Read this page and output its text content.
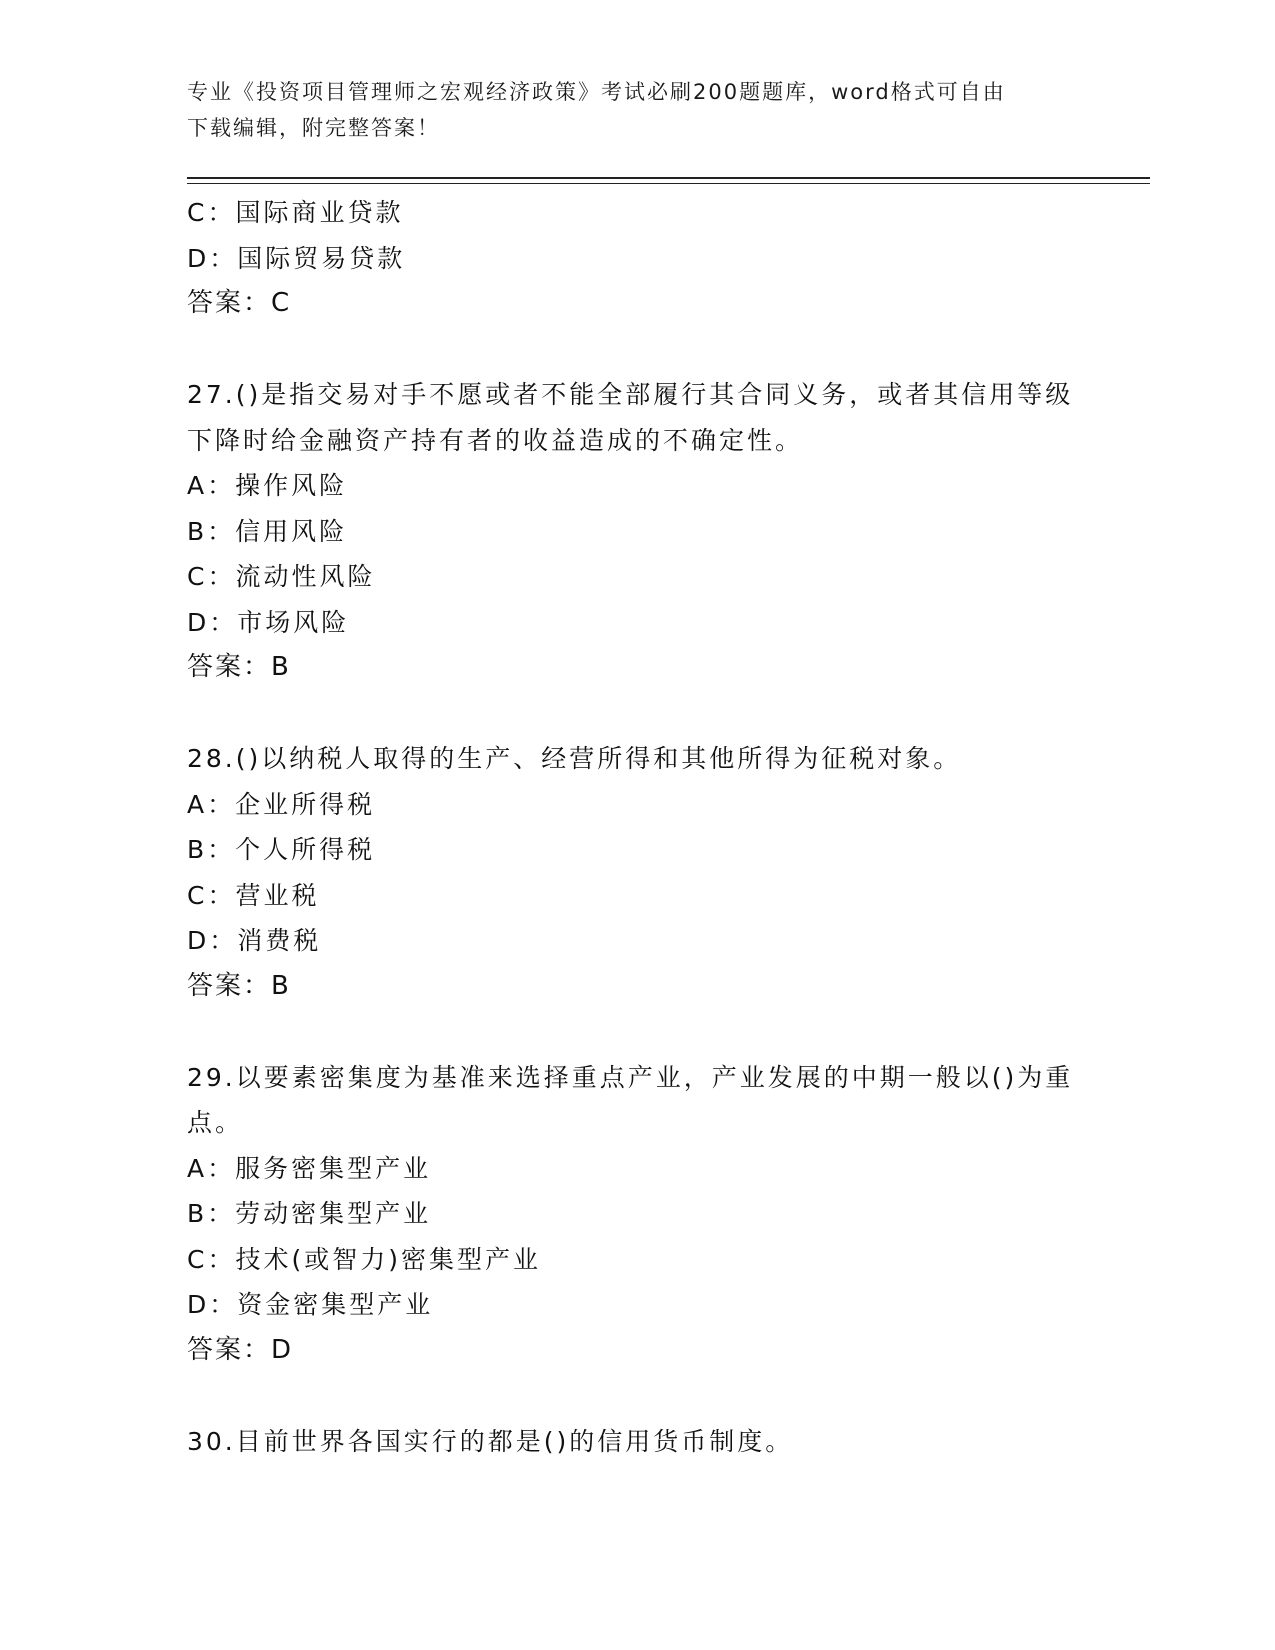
专业《投资项目管理师之宏观经济政策》考试必刷200题题库，word格式可自由
下载编辑，附完整答案！
C：国际商业贷款
D：国际贸易贷款
答案：C
27.()是指交易对手不愿或者不能全部履行其合同义务，或者其信用等级下降时给金融资产持有者的收益造成的不确定性。
A：操作风险
B：信用风险
C：流动性风险
D：市场风险
答案：B
28.()以纳税人取得的生产、经营所得和其他所得为征税对象。
A：企业所得税
B：个人所得税
C：营业税
D：消费税
答案：B
29.以要素密集度为基准来选择重点产业，产业发展的中期一般以()为重点。
A：服务密集型产业
B：劳动密集型产业
C：技术(或智力)密集型产业
D：资金密集型产业
答案：D
30.目前世界各国实行的都是()的信用货币制度。
